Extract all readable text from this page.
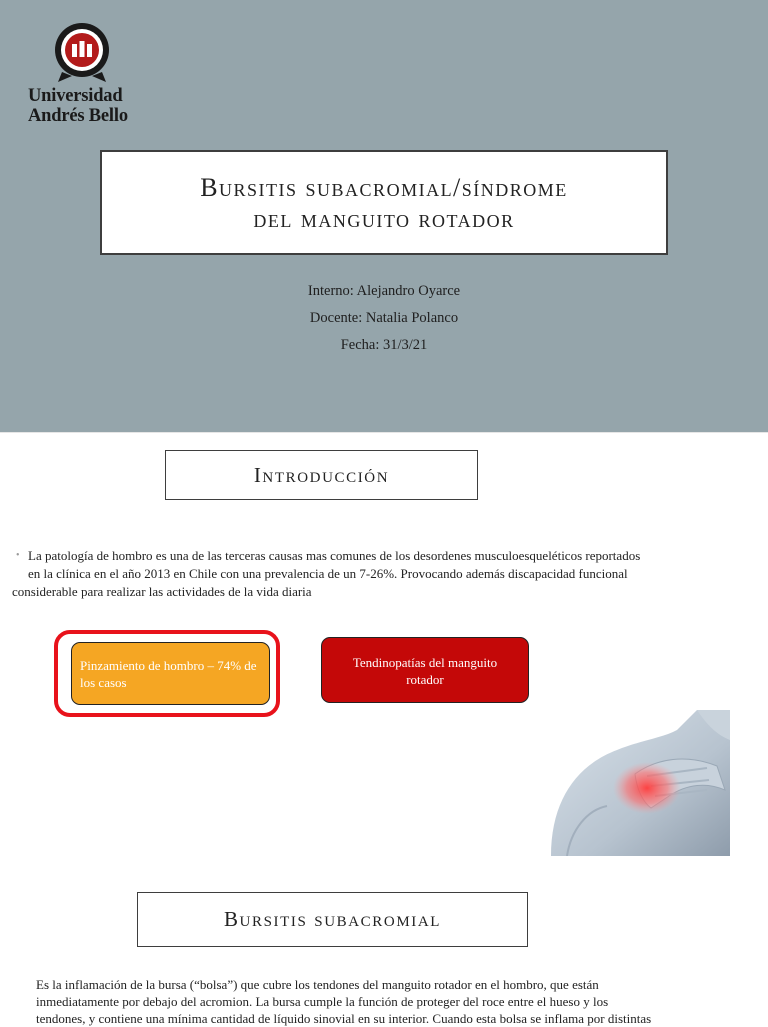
Universidad
Andrés Bello
Bursitis subacromial/síndrome
del manguito rotador
Interno: Alejandro Oyarce
Docente: Natalia Polanco
Fecha: 31/3/21
Introducción
• La patología de hombro es una de las terceras causas mas comunes de los desordenes musculoesqueléticos reportados
en la clínica en el año 2013 en Chile con una prevalencia de un 7-26%. Provocando además discapacidad funcional
considerable para realizar las actividades de la vida diaria
Pinzamiento de hombro – 74% de los casos
Tendinopatías del manguito rotador
Bursitis subacromial
Es la inflamación de la bursa (“bolsa”) que cubre los tendones del manguito rotador en el hombro, que están
inmediatamente por debajo del acromion. La bursa cumple la función de proteger del roce entre el hueso y los
tendones, y contiene una mínima cantidad de líquido sinovial en su interior. Cuando esta bolsa se inflama por distintas
